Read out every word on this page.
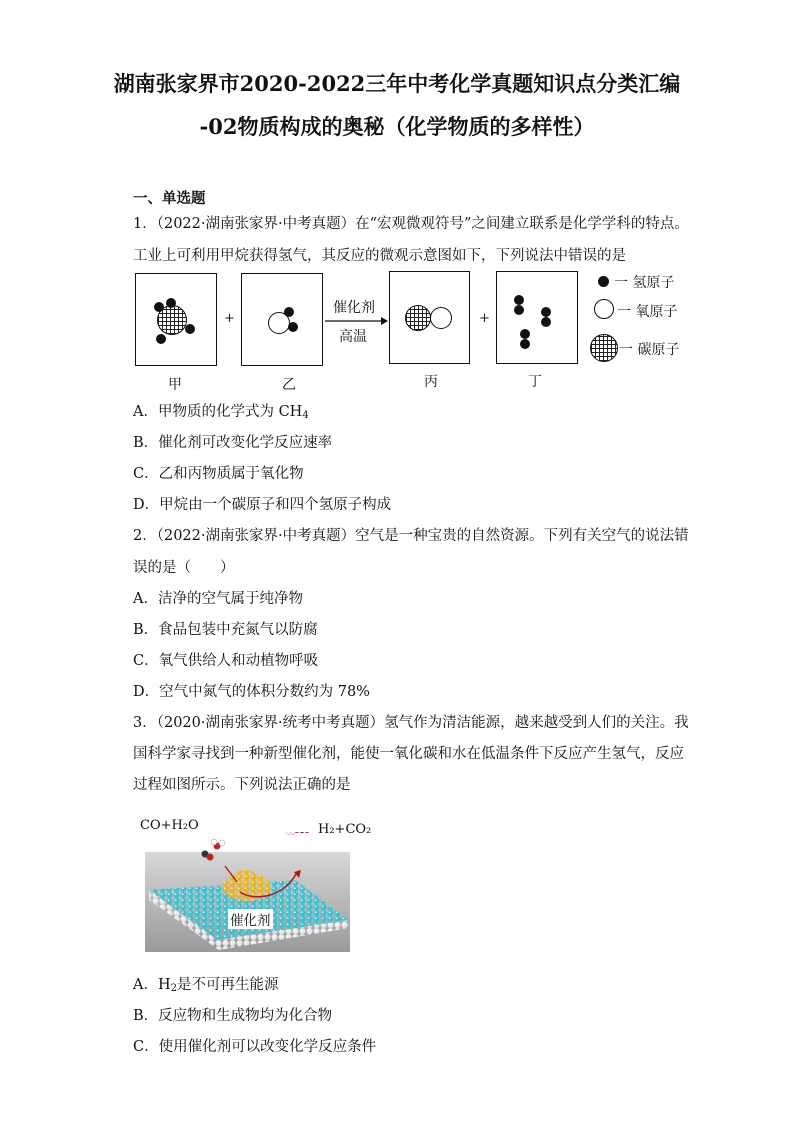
湖南张家界市2020-2022三年中考化学真题知识点分类汇编
-02物质构成的奥秘（化学物质的多样性）
一、单选题
1．（2022·湖南张家界·中考真题）在“宏观微观符号”之间建立联系是化学学科的特点。
工业上可利用甲烷获得氢气，其反应的微观示意图如下，下列说法中错误的是
+
催化剂
高温
+
甲	乙	丙	丁
一 氢原子
一 氧原子
一 碳原子
A．甲物质的化学式为 CH4
B．催化剂可改变化学反应速率
C．乙和丙物质属于氧化物
D．甲烷由一个碳原子和四个氢原子构成
2．（2022·湖南张家界·中考真题）空气是一种宝贵的自然资源。下列有关空气的说法错
误的是（　　）
A．洁净的空气属于纯净物
B．食品包装中充氮气以防腐
C．氧气供给人和动植物呼吸
D．空气中氮气的体积分数约为 78%
3．（2020·湖南张家界·统考中考真题）氢气作为清洁能源，越来越受到人们的关注。我
国科学家寻找到一种新型催化剂，能使一氧化碳和水在低温条件下反应产生氢气，反应
过程如图所示。下列说法正确的是
CO+H₂O	H₂+CO₂
催化剂
A．H2是不可再生能源
B．反应物和生成物均为化合物
C．使用催化剂可以改变化学反应条件
